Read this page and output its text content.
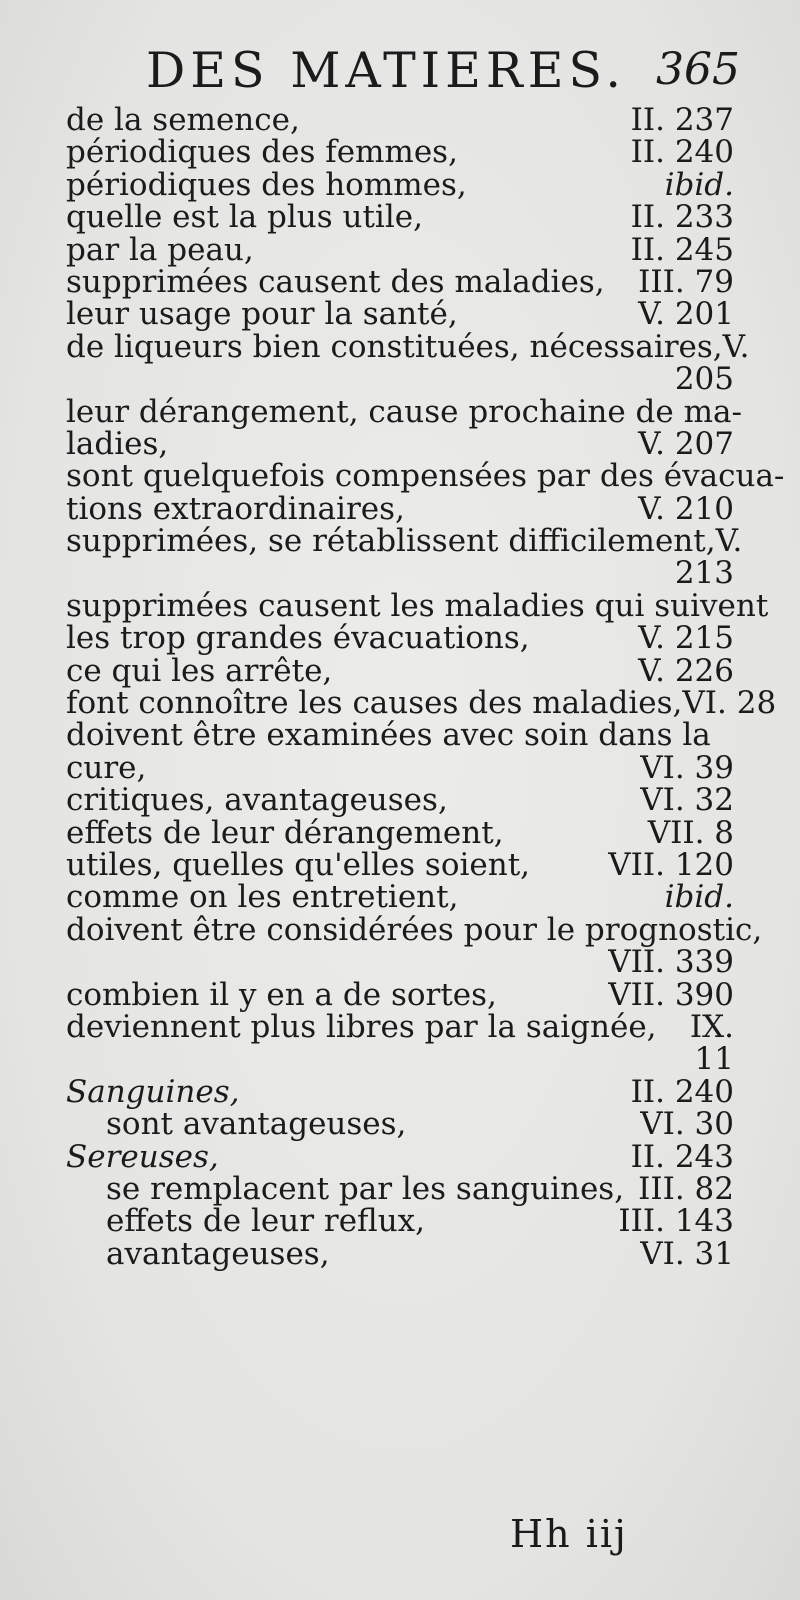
DES MATIERES. 365
de la semence,	II. 237
périodiques des femmes,	II. 240
périodiques des hommes,	ibid.
quelle est la plus utile,	II. 233
par la peau,	II. 245
supprimées causent des maladies, III. 79
leur usage pour la santé,	V. 201
de liqueurs bien constituées, nécessaires, V.
205
leur dérangement, cause prochaine de ma-
ladies,	V. 207
sont quelquefois compensées par des évacua-
tions extraordinaires,	V. 210
supprimées, se rétablissent difficilement, V.
213
supprimées causent les maladies qui suivent
les trop grandes évacuations,	V. 215
ce qui les arrête,	V. 226
font connoître les causes des maladies, VI. 28
doivent être examinées avec soin dans la
cure,	VI. 39
critiques, avantageuses,	VI. 32
effets de leur dérangement,	VII. 8
utiles, quelles qu'elles soient,	VII. 120
comme on les entretient,	ibid.
doivent être considérées pour le prognostic,
VII. 339
combien il y en a de sortes,	VII. 390
deviennent plus libres par la saignée, IX.
11
Sanguines,	II. 240
sont avantageuses,	VI. 30
Sereuses,	II. 243
se remplacent par les sanguines, III. 82
effets de leur reflux,	III. 143
avantageuses,	VI. 31
Hh iij
